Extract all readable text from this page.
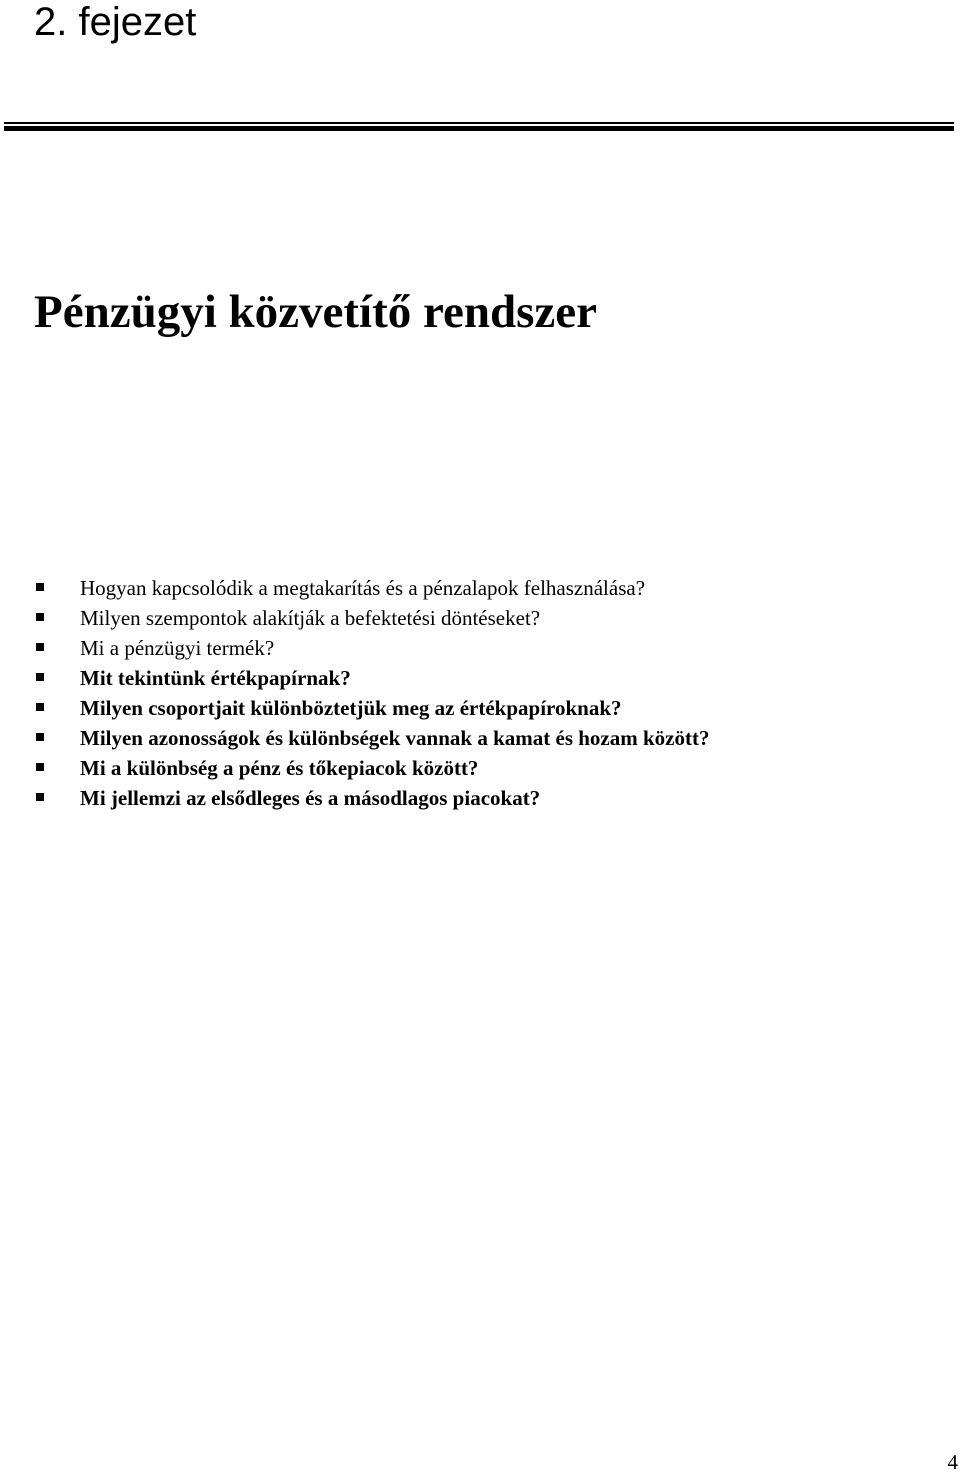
2. fejezet
Pénzügyi közvetítő rendszer
Hogyan kapcsolódik a megtakarítás és a pénzalapok felhasználása?
Milyen szempontok alakítják a befektetési döntéseket?
Mi a pénzügyi termék?
Mit tekintünk értékpapírnak?
Milyen csoportjait különböztetjük meg az értékpapíroknak?
Milyen azonosságok és különbségek vannak a kamat és hozam között?
Mi a különbség a pénz és tőkepiacok között?
Mi jellemzi az elsődleges és a másodlagos piacokat?
4
